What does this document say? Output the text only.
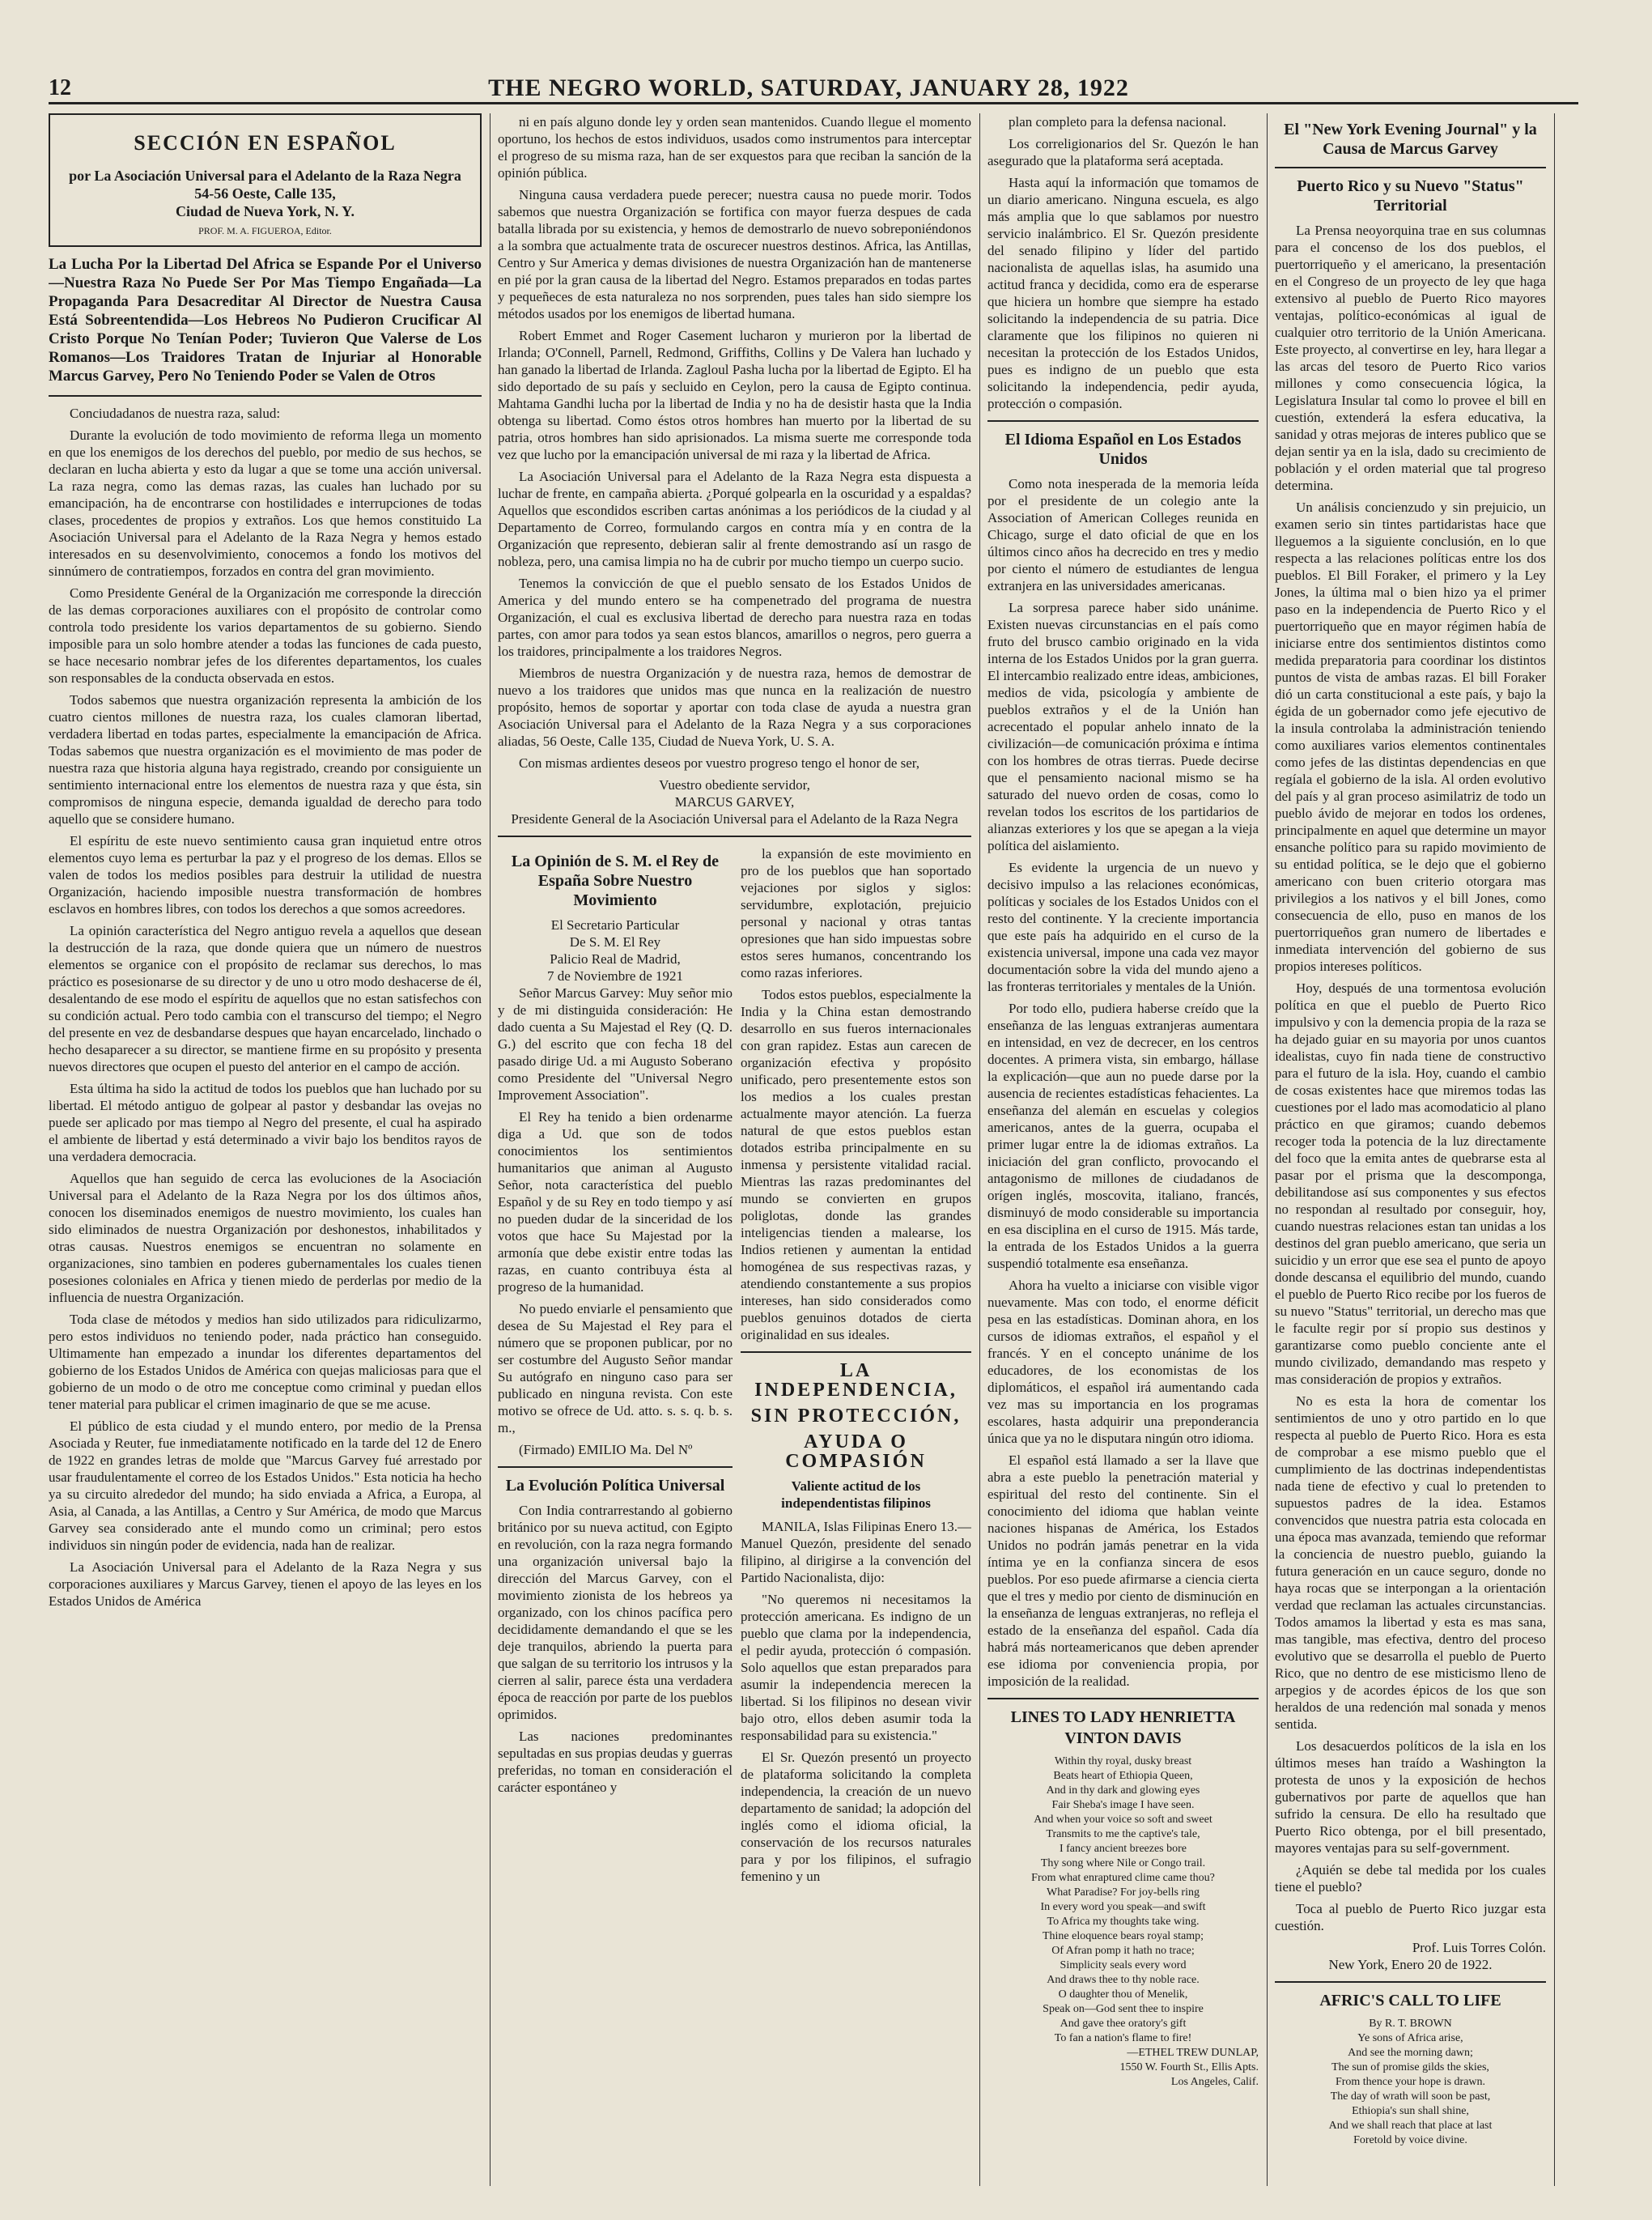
12	THE NEGRO WORLD, SATURDAY, JANUARY 28, 1922
SECCIÓN EN ESPAÑOL
por La Asociación Universal para el Adelanto de la Raza Negra
54-56 Oeste, Calle 135,
Ciudad de Nueva York, N. Y.
PROF. M. A. FIGUEROA, Editor.
La Lucha Por la Libertad Del Africa se Espande Por el Universo—Nuestra Raza No Puede Ser Por Mas Tiempo Engañada—La Propaganda Para Desacreditar Al Director de Nuestra Causa Está Sobreentendida—Los Hebreos No Pudieron Crucificar Al Cristo Porque No Tenían Poder; Tuvieron Que Valerse de Los Romanos—Los Traidores Tratan de Injuriar al Honorable Marcus Garvey, Pero No Teniendo Poder se Valen de Otros

Conciudadanos de nuestra raza, salud:

Durante la evolución de todo movimiento de reforma llega un momento en que los enemigos de los derechos del pueblo, por medio de sus hechos, se declaran en lucha abierta y esto da lugar a que se tome una acción universal. La raza negra, como las demas razas, las cuales han luchado por su emancipación, ha de encontrarse con hostilidades e interrupciones de todas clases, procedentes de propios y extraños. Los que hemos constituido La Asociación Universal para el Adelanto de la Raza Negra y hemos estado interesados en su desenvolvimiento, conocemos a fondo los motivos del sinnúmero de contratiempos, forzados en contra del gran movimiento.

Como Presidente Genéral de la Organización me corresponde la dirección de las demas corporaciones auxiliares con el propósito de controlar como controla todo presidente los varios departamentos de su gobierno. Siendo imposible para un solo hombre atender a todas las funciones de cada puesto, se hace necesario nombrar jefes de los diferentes departamentos, los cuales son responsables de la conducta observada en estos.

Todos sabemos que nuestra organización representa la ambición de los cuatro cientos millones de nuestra raza, los cuales clamoran libertad, verdadera libertad en todas partes, especialmente la emancipación de Africa. Todas sabemos que nuestra organización es el movimiento de mas poder de nuestra raza que historia alguna haya registrado, creando por consiguiente un sentimiento internacional entre los elementos de nuestra raza y que ésta, sin compromisos de ninguna especie, demanda igualdad de derecho para todo aquello que se considere humano.

El espíritu de este nuevo sentimiento causa gran inquietud entre otros elementos cuyo lema es perturbar la paz y el progreso de los demas. Ellos se valen de todos los medios posibles para destruir la utilidad de nuestra Organización, haciendo imposible nuestra transformación de hombres esclavos en hombres libres, con todos los derechos a que somos acreedores.

La opinión característica del Negro antiguo revela a aquellos que desean la destrucción de la raza, que donde quiera que un número de nuestros elementos se organice con el propósito de reclamar sus derechos, lo mas práctico es posesionarse de su director y de uno u otro modo deshacerse de él, desalentando de ese modo el espíritu de aquellos que no estan satisfechos con su condición actual. Pero todo cambia con el transcurso del tiempo; el Negro del presente en vez de desbandarse despues que hayan encarcelado, linchado o hecho desaparecer a su director, se mantiene firme en su propósito y presenta nuevos directores que ocupen el puesto del anterior en el campo de acción.

Esta última ha sido la actitud de todos los pueblos que han luchado por su libertad. El método antiguo de golpear al pastor y desbandar las ovejas no puede ser aplicado por mas tiempo al Negro del presente, el cual ha aspirado el ambiente de libertad y está determinado a vivir bajo los benditos rayos de una verdadera democracia.

Aquellos que han seguido de cerca las evoluciones de la Asociación Universal para el Adelanto de la Raza Negra por los dos últimos años, conocen los diseminados enemigos de nuestro movimiento, los cuales han sido eliminados de nuestra Organización por deshonestos, inhabilitados y otras causas. Nuestros enemigos se encuentran no solamente en organizaciones, sino tambien en poderes gubernamentales los cuales tienen posesiones coloniales en Africa y tienen miedo de perderlas por medio de la influencia de nuestra Organización.

Toda clase de métodos y medios han sido utilizados para ridiculizarmo, pero estos individuos no teniendo poder, nada práctico han conseguido. Ultimamente han empezado a inundar los diferentes departamentos del gobierno de los Estados Unidos de América con quejas maliciosas para que el gobierno de un modo o de otro me conceptue como criminal y puedan ellos tener material para publicar el crimen imaginario de que se me acuse.

El público de esta ciudad y el mundo entero, por medio de la Prensa Asociada y Reuter, fue inmediatamente notificado en la tarde del 12 de Enero de 1922 en grandes letras de molde que "Marcus Garvey fué arrestado por usar fraudulentamente el correo de los Estados Unidos." Esta noticia ha hecho ya su circuito alrededor del mundo; ha sido enviada a Africa, a Europa, al Asia, al Canada, a las Antillas, a Centro y Sur América, de modo que Marcus Garvey sea considerado ante el mundo como un criminal; pero estos individuos sin ningún poder de evidencia, nada han de realizar.

La Asociación Universal para el Adelanto de la Raza Negra y sus corporaciones auxiliares y Marcus Garvey, tienen el apoyo de las leyes en los Estados Unidos de América

ni en país alguno donde ley y orden sean mantenidos. Cuando llegue el momento oportuno, los hechos de estos individuos, usados como instrumentos para interceptar el progreso de su misma raza, han de ser exquestos para que reciban la sanción de la opinión pública.

Ninguna causa verdadera puede perecer; nuestra causa no puede morir. Todos sabemos que nuestra Organización se fortifica con mayor fuerza despues de cada batalla librada por su existencia, y hemos de demostrarlo de nuevo sobreponiéndonos a la sombra que actualmente trata de oscurecer nuestros destinos. Africa, las Antillas, Centro y Sur America y demas divisiones de nuestra Organización han de mantenerse en pié por la gran causa de la libertad del Negro. Estamos preparados en todas partes y pequeñeces de esta naturaleza no nos sorprenden, pues tales han sido siempre los métodos usados por los enemigos de libertad humana.

Robert Emmet and Roger Casement lucharon y murieron por la libertad de Irlanda; O'Connell, Parnell, Redmond, Griffiths, Collins y De Valera han luchado y han ganado la libertad de Irlanda. Zagloul Pasha lucha por la libertad de Egipto. El ha sido deportado de su país y secluido en Ceylon, pero la causa de Egipto continua. Mahtama Gandhi lucha por la libertad de India y no ha de desistir hasta que la India obtenga su libertad. Como éstos otros hombres han muerto por la libertad de su patria, otros hombres han sido aprisionados. La misma suerte me corresponde toda vez que lucho por la emancipación universal de mi raza y la libertad de Africa.

La Asociación Universal para el Adelanto de la Raza Negra esta dispuesta a luchar de frente, en campaña abierta. ¿Porqué golpearla en la oscuridad y a espaldas? Aquellos que escondidos escriben cartas anónimas a los periódicos de la ciudad y al Departamento de Correo, formulando cargos en contra mía y en contra de la Organización que represento, debieran salir al frente demostrando así un rasgo de nobleza, pero, una camisa limpia no ha de cubrir por mucho tiempo un cuerpo sucio.

Tenemos la convicción de que el pueblo sensato de los Estados Unidos de America y del mundo entero se ha compenetrado del programa de nuestra Organización, el cual es exclusiva libertad de derecho para nuestra raza en todas partes, con amor para todos ya sean estos blancos, amarillos o negros, pero guerra a los traidores, principalmente a los traidores Negros.

Miembros de nuestra Organización y de nuestra raza, hemos de demostrar de nuevo a los traidores que unidos mas que nunca en la realización de nuestro propósito, hemos de soportar y aportar con toda clase de ayuda a nuestra gran Asociación Universal para el Adelanto de la Raza Negra y a sus corporaciones aliadas, 56 Oeste, Calle 135, Ciudad de Nueva York, U. S. A.

Con mismas ardientes deseos por vuestro progreso tengo el honor de ser,

Vuestro obediente servidor,
MARCUS GARVEY,
Presidente General de la Asociación Universal para el Adelanto de la Raza Negra
La Opinión de S. M. el Rey de España Sobre Nuestro Movimiento
El Secretario Particular
De S. M. El Rey
Palicio Real de Madrid,
7 de Noviembre de 1921

Señor Marcus Garvey: Muy señor mio y de mi distinguida consideración: He dado cuenta a Su Majestad el Rey (Q. D. G.) del escrito que con fecha 18 del pasado dirige Ud. a mi Augusto Soberano como Presidente del "Universal Negro Improvement Association".

El Rey ha tenido a bien ordenarme diga a Ud. que son de todos conocimientos los sentimientos humanitarios que animan al Augusto Señor, nota característica del pueblo Español y de su Rey en todo tiempo y así no pueden dudar de la sinceridad de los votos que hace Su Majestad por la armonía que debe existir entre todas las razas, en cuanto contribuya ésta al progreso de la humanidad.

No puedo enviarle el pensamiento que desea de Su Majestad el Rey para el número que se proponen publicar, por no ser costumbre del Augusto Señor mandar Su autógrafo en ninguno caso para ser publicado en ninguna revista. Con este motivo se ofrece de Ud. atto. s. s. q. b. s. m.,

(Firmado) EMILIO Ma. Del Nº

La Evolución Política Universal

Con India contrarrestando al gobierno británico por su nueva actitud, con Egipto en revolución, con la raza negra formando una organización universal bajo la dirección del Marcus Garvey, con el movimiento zionista de los hebreos ya organizado, con los chinos pacífica pero decididamente demandando el que se les deje tranquilos, abriendo la puerta para que salgan de su territorio los intrusos y la cierren al salir, parece ésta una verdadera época de reacción por parte de los pueblos oprimidos.

Las naciones predominantes sepultadas en sus propias deudas y guerras preferidas, no toman en consideración el carácter espontáneo y

la expansión de este movimiento en pro de los pueblos que han soportado vejaciones por siglos y siglos: servidumbre, explotación, prejuicio personal y nacional y otras tantas opresiones que han sido impuestas sobre estos seres humanos, concentrando los como razas inferiores.

Todos estos pueblos, especialmente la India y la China estan demostrando desarrollo en sus fueros internacionales con gran rapidez. Estas aun carecen de organización efectiva y propósito unificado, pero presentemente estos son los medios a los cuales prestan actualmente mayor atención. La fuerza natural de que estos pueblos estan dotados estriba principalmente en su inmensa y persistente vitalidad racial. Mientras las razas predominantes del mundo se convierten en grupos poliglotas, donde las grandes inteligencias tienden a malearse, los Indios retienen y aumentan la entidad homogénea de sus respectivas razas, y atendiendo constantemente a sus propios intereses, han sido considerados como pueblos genuinos dotados de cierta originalidad en sus ideales.

LA INDEPENDENCIA,
SIN PROTECCIÓN,
AYUDA O COMPASIÓN
Valiente actitud de los independentistas filipinos

MANILA, Islas Filipinas Enero 13.—Manuel Quezón, presidente del senado filipino, al dirigirse a la convención del Partido Nacionalista, dijo:

"No queremos ni necesitamos la protección americana. Es indigno de un pueblo que clama por la independencia, el pedir ayuda, protección ó compasión. Solo aquellos que estan preparados para asumir la independencia merecen la libertad. Si los filipinos no desean vivir bajo otro, ellos deben asumir toda la responsabilidad para su existencia."

El Sr. Quezón presentó un proyecto de plataforma solicitando la completa independencia, la creación de un nuevo departamento de sanidad; la adopción del inglés como el idioma oficial, la conservación de los recursos naturales para y por los filipinos, el sufragio femenino y un

plan completo para la defensa nacional.

Los correligionarios del Sr. Quezón le han asegurado que la plataforma será aceptada.

Hasta aquí la información que tomamos de un diario americano. Ninguna escuela, es algo más amplia que lo que sablamos por nuestro servicio inalámbrico. El Sr. Quezón presidente del senado filipino y líder del partido nacionalista de aquellas islas, ha asumido una actitud franca y decidida, como era de esperarse que hiciera un hombre que siempre ha estado solicitando la independencia de su patria. Dice claramente que los filipinos no quieren ni necesitan la protección de los Estados Unidos, pues es indigno de un pueblo que esta solicitando la independencia, pedir ayuda, protección o compasión.

El Idioma Español en Los Estados Unidos

Como nota inesperada de la memoria leída por el presidente de un colegio ante la Association of American Colleges reunida en Chicago, surge el dato oficial de que en los últimos cinco años ha decrecido en tres y medio por ciento el número de estudiantes de lengua extranjera en las universidades americanas.

La sorpresa parece haber sido unánime. Existen nuevas circunstancias en el país como fruto del brusco cambio originado en la vida interna de los Estados Unidos por la gran guerra. El intercambio realizado entre ideas, ambiciones, medios de vida, psicología y ambiente de pueblos extraños y el de la Unión han acrecentado el popular anhelo innato de la civilización—de comunicación próxima e íntima con los hombres de otras tierras. Puede decirse que el pensamiento nacional mismo se ha saturado del nuevo orden de cosas, como lo revelan todos los escritos de los partidarios de alianzas exteriores y los que se apegan a la vieja política del aislamiento.

Es evidente la urgencia de un nuevo y decisivo impulso a las relaciones económicas, políticas y sociales de los Estados Unidos con el resto del continente. Y la creciente importancia que este país ha adquirido en el curso de la existencia universal, impone una cada vez mayor documentación sobre la vida del mundo ajeno a las fronteras territoriales y mentales de la Unión.

Por todo ello, pudiera haberse creído que la enseñanza de las lenguas extranjeras aumentara en intensidad, en vez de decrecer, en los centros docentes. A primera vista, sin embargo, hállase la explicación—que aun no puede darse por la ausencia de recientes estadísticas fehacientes. La enseñanza del alemán en escuelas y colegios americanos, antes de la guerra, ocupaba el primer lugar entre la de idiomas extraños. La iniciación del gran conflicto, provocando el antagonismo de millones de ciudadanos de orígen inglés, moscovita, italiano, francés, disminuyó de modo considerable su importancia en esa disciplina en el curso de 1915. Más tarde, la entrada de los Estados Unidos a la guerra suspendió totalmente esa enseñanza.

Ahora ha vuelto a iniciarse con visible vigor nuevamente. Mas con todo, el enorme déficit pesa en las estadísticas. Dominan ahora, en los cursos de idiomas extraños, el español y el francés. Y en el concepto unánime de los educadores, de los economistas de los diplomáticos, el español irá aumentando cada vez mas su importancia en los programas escolares, hasta adquirir una preponderancia única que ya no le disputara ningún otro idioma.

El español está llamado a ser la llave que abra a este pueblo la penetración material y espiritual del resto del continente. Sin el conocimiento del idioma que hablan veinte naciones hispanas de América, los Estados Unidos no podrán jamás penetrar en la vida íntima ye en la confianza sincera de esos pueblos. Por eso puede afirmarse a ciencia cierta que el tres y medio por ciento de disminución en la enseñanza de lenguas extranjeras, no refleja el estado de la enseñanza del español. Cada día habrá más norteamericanos que deben aprender ese idioma por conveniencia propia, por imposición de la realidad.

LINES TO LADY HENRIETTA
VINTON DAVIS
Within thy royal, dusky breast
Beats heart of Ethiopia Queen,
And in thy dark and glowing eyes
Fair Sheba's image I have seen.
And when your voice so soft and sweet
Transmits to me the captive's tale,
I fancy ancient breezes bore
Thy song where Nile or Congo trail.
From what enraptured clime came thou?
What Paradise? For joy-bells ring
In every word you speak—and swift
To Africa my thoughts take wing.
Thine eloquence bears royal stamp;
Of Afran pomp it hath no trace;
Simplicity seals every word
And draws thee to thy noble race.
O daughter thou of Menelik,
Speak on—God sent thee to inspire
And gave thee oratory's gift
To fan a nation's flame to fire!
—ETHEL TREW DUNLAP,
1550 W. Fourth St., Ellis Apts.
Los Angeles, Calif.
El "New York Evening Journal" y la Causa de Marcus Garvey
Puerto Rico y su Nuevo "Status" Territorial

La Prensa neoyorquina trae en sus columnas para el concenso de los dos pueblos, el puertorriqueño y el americano, la presentación en el Congreso de un proyecto de ley que haga extensivo al pueblo de Puerto Rico mayores ventajas, político-económicas al igual de cualquier otro territorio de la Unión Americana. Este proyecto, al convertirse en ley, hara llegar a las arcas del tesoro de Puerto Rico varios millones y como consecuencia lógica, la Legislatura Insular tal como lo provee el bill en cuestión, extenderá la esfera educativa, la sanidad y otras mejoras de interes publico que se dejan sentir ya en la isla, dado su crecimiento de población y el orden material que tal progreso determina.

Un análisis concienzudo y sin prejuicio, un examen serio sin tintes partidaristas hace que lleguemos a la siguiente conclusión, en lo que respecta a las relaciones políticas entre los dos pueblos. El Bill Foraker, el primero y la Ley Jones, la última mal o bien hizo ya el primer paso en la independencia de Puerto Rico y el puertorriqueño que en mayor régimen había de iniciarse entre dos sentimientos distintos como medida preparatoria para coordinar los distintos puntos de vista de ambas razas. El bill Foraker dió un carta constitucional a este país, y bajo la égida de un gobernador como jefe ejecutivo de la insula controlaba la administración teniendo como auxiliares varios elementos continentales como jefes de las distintas dependencias en que regíala el gobierno de la isla. Al orden evolutivo del país y al gran proceso asimilatriz de todo un pueblo ávido de mejorar en todos los ordenes, principalmente en aquel que determine un mayor ensanche político para su rapido movimiento de su entidad política, se le dejo que el gobierno americano con buen criterio otorgara mas privilegios a los nativos y el bill Jones, como consecuencia de ello, puso en manos de los puertorriqueños gran numero de libertades e inmediata intervención del gobierno de sus propios intereses políticos.

Hoy, después de una tormentosa evolución política en que el pueblo de Puerto Rico impulsivo y con la demencia propia de la raza se ha dejado guiar en su mayoria por unos cuantos idealistas, cuyo fin nada tiene de constructivo para el futuro de la isla. Hoy, cuando el cambio de cosas existentes hace que miremos todas las cuestiones por el lado mas acomodaticio al plano práctico en que giramos; cuando debemos recoger toda la potencia de la luz directamente del foco que la emita antes de quebrarse esta al pasar por el prisma que la descomponga, debilitandose así sus componentes y sus efectos no respondan al resultado por conseguir, hoy, cuando nuestras relaciones estan tan unidas a los destinos del gran pueblo americano, que seria un suicidio y un error que ese sea el punto de apoyo donde descansa el equilibrio del mundo, cuando el pueblo de Puerto Rico recibe por los fueros de su nuevo "Status" territorial, un derecho mas que le faculte regir por sí propio sus destinos y garantizarse como pueblo conciente ante el mundo civilizado, demandando mas respeto y mas consideración de propios y extraños.

No es esta la hora de comentar los sentimientos de uno y otro partido en lo que respecta al pueblo de Puerto Rico. Hora es esta de comprobar a ese mismo pueblo que el cumplimiento de las doctrinas independentistas nada tiene de efectivo y cual lo pretenden to supuestos padres de la idea. Estamos convencidos que nuestra patria esta colocada en una época mas avanzada, temiendo que reformar la conciencia de nuestro pueblo, guiando la futura generación en un cauce seguro, donde no haya rocas que se interpongan a la orientación verdad que reclaman las actuales circunstancias. Todos amamos la libertad y esta es mas sana, mas tangible, mas efectiva, dentro del proceso evolutivo que se desarrolla el pueblo de Puerto Rico, que no dentro de ese misticismo lleno de arpegios y de acordes épicos de los que son heraldos de una redención mal sonada y menos sentida.

Los desacuerdos políticos de la isla en los últimos meses han traído a Washington la protesta de unos y la exposición de hechos gubernativos por parte de aquellos que han sufrido la censura. De ello ha resultado que Puerto Rico obtenga, por el bill presentado, mayores ventajas para su self-government.

¿Aquién se debe tal medida por los cuales tiene el pueblo?

Toca al pueblo de Puerto Rico juzgar esta cuestión.

Prof. Luis Torres Colón.
New York, Enero 20 de 1922.
AFRIC'S CALL TO LIFE
By R. T. BROWN
Ye sons of Africa arise,
And see the morning dawn;
The sun of promise gilds the skies,
From thence your hope is drawn.
The day of wrath will soon be past,
Ethiopia's sun shall shine,
And we shall reach that place at last
Foretold by voice divine.
